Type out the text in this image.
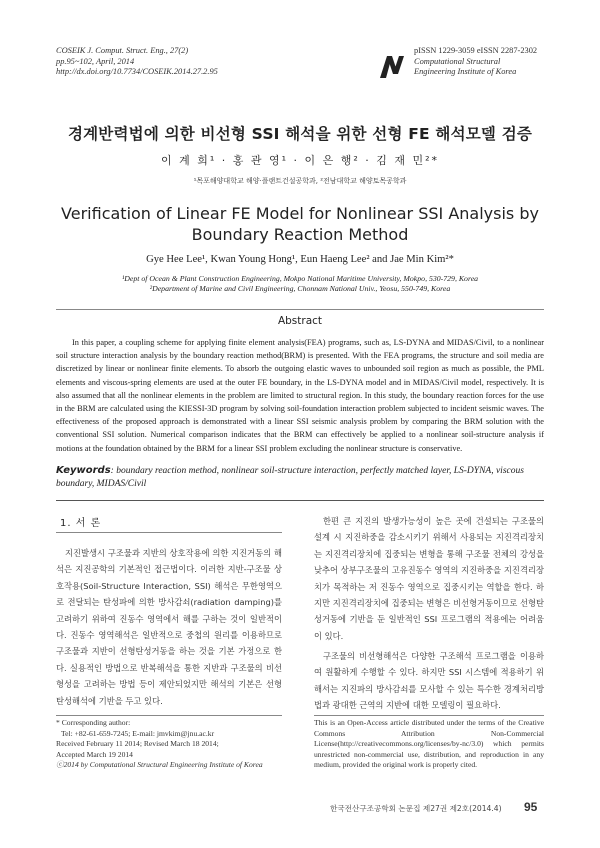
COSEIK J. Comput. Struct. Eng., 27(2)
pp.95~102, April, 2014
http://dx.doi.org/10.7734/COSEIK.2014.27.2.95
pISSN 1229-3059 eISSN 2287-2302
Computational Structural
Engineering Institute of Korea
경계반력법에 의한 비선형 SSI 해석을 위한 선형 FE 해석모델 검증
이 계 희¹ · 홍 관 영¹ · 이 은 행² · 김 재 민²*
¹목포해양대학교 해양·플랜트건설공학과, ²전남대학교 해양토목공학과
Verification of Linear FE Model for Nonlinear SSI Analysis by
Boundary Reaction Method
Gye Hee Lee¹, Kwan Young Hong¹, Eun Haeng Lee² and Jae Min Kim²*
¹Dept of Ocean & Plant Construction Engineering, Mokpo National Maritime University, Mokpo, 530-729, Korea
²Department of Marine and Civil Engineering, Chonnam National Univ., Yeosu, 550-749, Korea
Abstract

In this paper, a coupling scheme for applying finite element analysis(FEA) programs, such as, LS-DYNA and MIDAS/Civil, to a nonlinear soil structure interaction analysis by the boundary reaction method(BRM) is presented. With the FEA programs, the structure and soil media are discretized by linear or nonlinear finite elements. To absorb the outgoing elastic waves to unbounded soil region as much as possible, the PML elements and viscous-spring elements are used at the outer FE boundary, in the LS-DYNA model and in MIDAS/Civil model, respectively. It is also assumed that all the nonlinear elements in the problem are limited to structural region. In this study, the boundary reaction forces for the use in the BRM are calculated using the KIESSI-3D program by solving soil-foundation interaction problem subjected to incident seismic waves. The effectiveness of the proposed approach is demonstrated with a linear SSI seismic analysis problem by comparing the BRM solution with the conventional SSI solution. Numerical comparison indicates that the BRM can effectively be applied to a nonlinear soil-structure analysis if motions at the foundation obtained by the BRM for a linear SSI problem excluding the nonlinear structure is conservative.

Keywords: boundary reaction method, nonlinear soil-structure interaction, perfectly matched layer, LS-DYNA, viscous boundary, MIDAS/Civil
1. 서 론

지진발생시 구조물과 지반의 상호작용에 의한 지진거동의 해석은 지진공학의 기본적인 접근법이다. 이러한 지반-구조물 상호작용(Soil-Structure Interaction, SSI) 해석은 무한영역으로 전달되는 탄성파에 의한 방사감쇠(radiation damping)를 고려하기 위하여 진동수 영역에서 해를 구하는 것이 일반적이다. 진동수 영역해석은 일반적으로 중첩의 원리를 이용하므로 구조물과 지반이 선형탄성거동을 하는 것을 기본 가정으로 한다. 실용적인 방법으로 반복해석을 통한 지반과 구조물의 비선형성을 고려하는 방법 등이 제안되었지만 해석의 기본은 선형탄성해석에 기반을 두고 있다.

한편 큰 지진의 발생가능성이 높은 곳에 건설되는 구조물의 설계 시 지진하중을 감소시키기 위해서 사용되는 지진격리장치는 지진격리장치에 집중되는 변형을 통해 구조물 전체의 강성을 낮추어 상부구조물의 고유진동수 영역의 지진하중을 지진격리장치가 목적하는 저 진동수 영역으로 집중시키는 역할을 한다. 하지만 지진격리장치에 집중되는 변형은 비선형거동이므로 선형탄성거동에 기반을 둔 일반적인 SSI 프로그램의 적용에는 어려움이 있다.

구조물의 비선형해석은 다양한 구조해석 프로그램을 이용하여 원활하게 수행할 수 있다. 하지만 SSI 시스템에 적용하기 위해서는 지진파의 방사감쇠를 모사할 수 있는 특수한 경계처리방법과 광대한 근역의 지반에 대한 모델링이 필요하다.

* Corresponding author:
Tel: +82-61-659-7245; E-mail: jmvkim@jnu.ac.kr
Received February 11 2014; Revised March 18 2014;
Accepted March 19 2014
ⓒ2014 by Computational Structural Engineering Institute of Korea

This is an Open-Access article distributed under the terms of the Creative Commons Attribution Non-Commercial License(http://creativecommons.org/licenses/by-nc/3.0) which permits unrestricted non-commercial use, distribution, and reproduction in any medium, provided the original work is properly cited.

한국전산구조공학회 논문집 제27권 제2호(2014.4) 95
